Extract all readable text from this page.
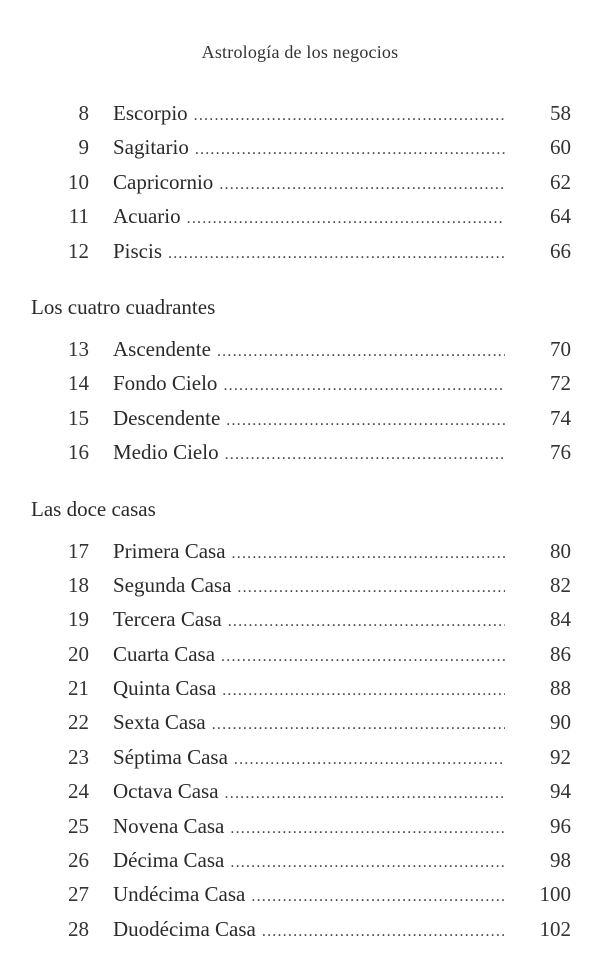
Astrología de los negocios
8 Escorpio .....	58
9 Sagitario .....	60
10 Capricornio .....	62
11 Acuario .....	64
12 Piscis .....	66
Los cuatro cuadrantes
13 Ascendente .....	70
14 Fondo Cielo .....	72
15 Descendente .....	74
16 Medio Cielo .....	76
Las doce casas
17 Primera Casa .....	80
18 Segunda Casa .....	82
19 Tercera Casa .....	84
20 Cuarta Casa .....	86
21 Quinta Casa .....	88
22 Sexta Casa .....	90
23 Séptima Casa .....	92
24 Octava Casa .....	94
25 Novena Casa .....	96
26 Décima Casa .....	98
27 Undécima Casa .....	100
28 Duodécima Casa .....	102
